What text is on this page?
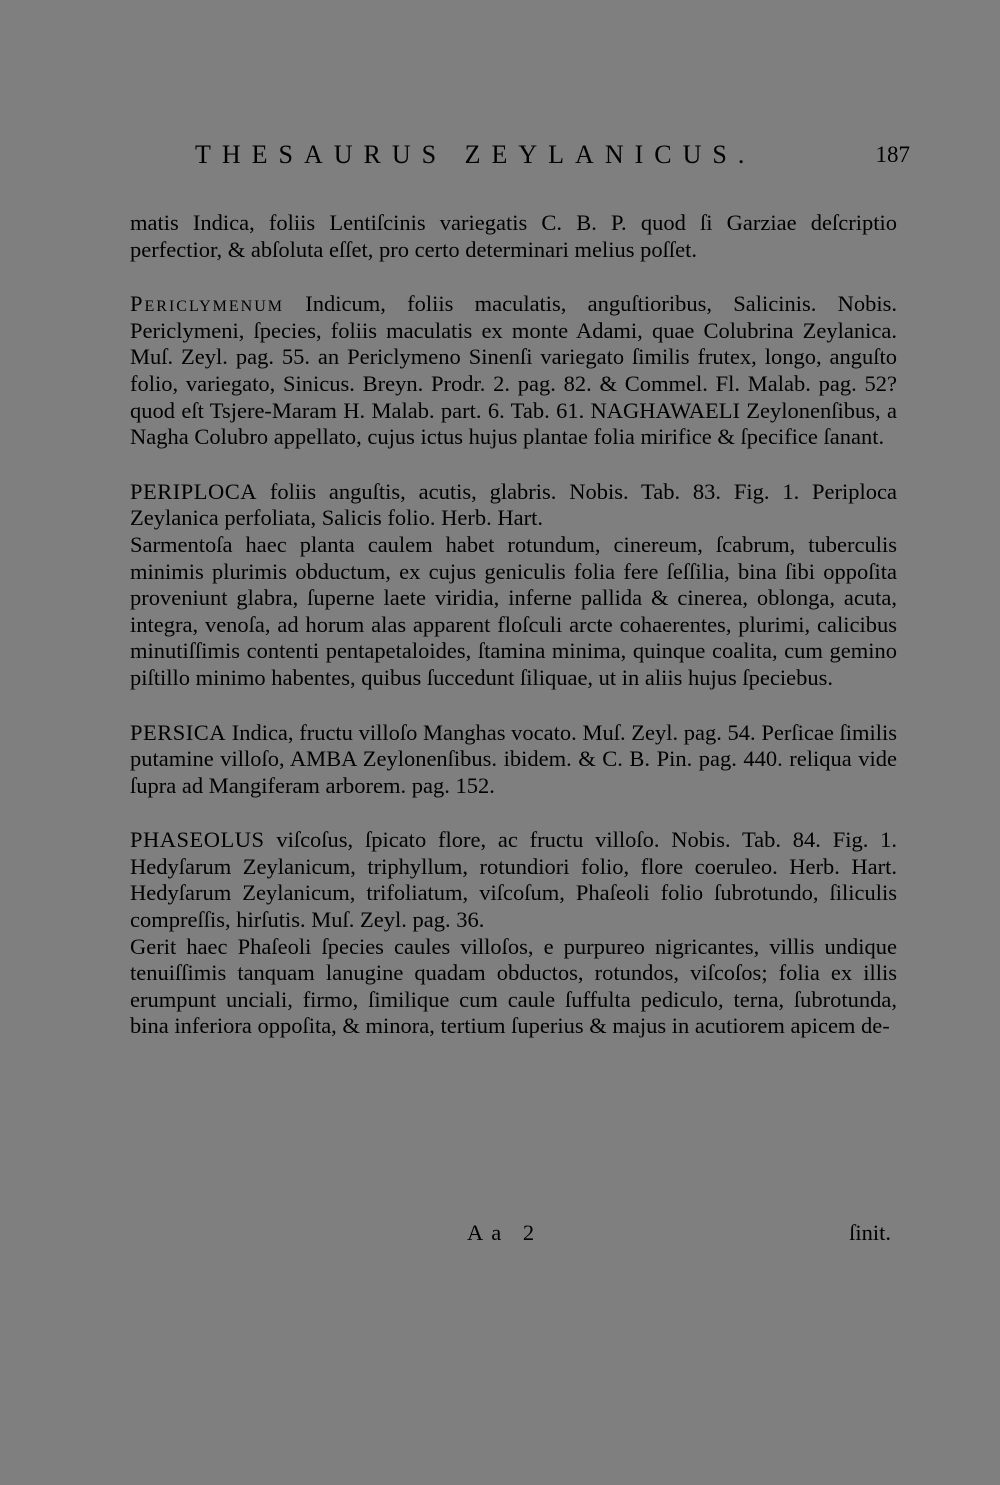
THESAURUS ZEYLANICUS.	187

matis Indica, foliis Lentiſcinis variegatis C. B. P. quod ſi Garziae deſcriptio perfectior, & abſoluta eſſet, pro certo determinari melius poſſet.

Periclymenum Indicum, foliis maculatis, anguſtioribus, Salicinis. Nobis. Periclymeni, ſpecies, foliis maculatis ex monte Adami, quae Colubrina Zeylanica. Muſ. Zeyl. pag. 55. an Periclymeno Sinenſi variegato ſimilis frutex, longo, anguſto folio, variegato, Sinicus. Breyn. Prodr. 2. pag. 82. & Commel. Fl. Malab. pag. 52? quod eſt Tsjere-Maram H. Malab. part. 6. Tab. 61. NAGHAWAELI Zeylonenſibus, a Nagha Colubro appellato, cujus ictus hujus plantae folia mirifice & ſpecifice ſanant.

PERIPLOCA foliis anguſtis, acutis, glabris. Nobis. Tab. 83. Fig. 1. Periploca Zeylanica perfoliata, Salicis folio. Herb. Hart.

Sarmentoſa haec planta caulem habet rotundum, cinereum, ſcabrum, tuberculis minimis plurimis obductum, ex cujus geniculis folia fere ſeſſilia, bina ſibi oppoſita proveniunt glabra, ſuperne laete viridia, inferne pallida & cinerea, oblonga, acuta, integra, venoſa, ad horum alas apparent floſculi arcte cohaerentes, plurimi, calicibus minutiſſimis contenti pentapetaloides, ſtamina minima, quinque coalita, cum gemino piſtillo minimo habentes, quibus ſuccedunt ſiliquae, ut in aliis hujus ſpeciebus.

PERSICA Indica, fructu villoſo Manghas vocato. Muſ. Zeyl. pag. 54. Perſicae ſimilis putamine villoſo, AMBA Zeylonenſibus. ibidem. & C. B. Pin. pag. 440. reliqua vide ſupra ad Mangiferam arborem. pag. 152.

PHASEOLUS viſcoſus, ſpicato flore, ac fructu villoſo. Nobis. Tab. 84. Fig. 1. Hedyſarum Zeylanicum, triphyllum, rotundiori folio, flore coeruleo. Herb. Hart. Hedyſarum Zeylanicum, trifoliatum, viſcoſum, Phaſeoli folio ſubrotundo, ſiliculis compreſſis, hirſutis. Muſ. Zeyl. pag. 36.

Gerit haec Phaſeoli ſpecies caules villoſos, e purpureo nigricantes, villis undique tenuiſſimis tanquam lanugine quadam obductos, rotundos, viſcoſos; folia ex illis erumpunt unciali, firmo, ſimilique cum caule ſuffulta pediculo, terna, ſubrotunda, bina inferiora oppoſita, & minora, tertium ſuperius & majus in acutiorem apicem de-

Aa 2	ſinit.
